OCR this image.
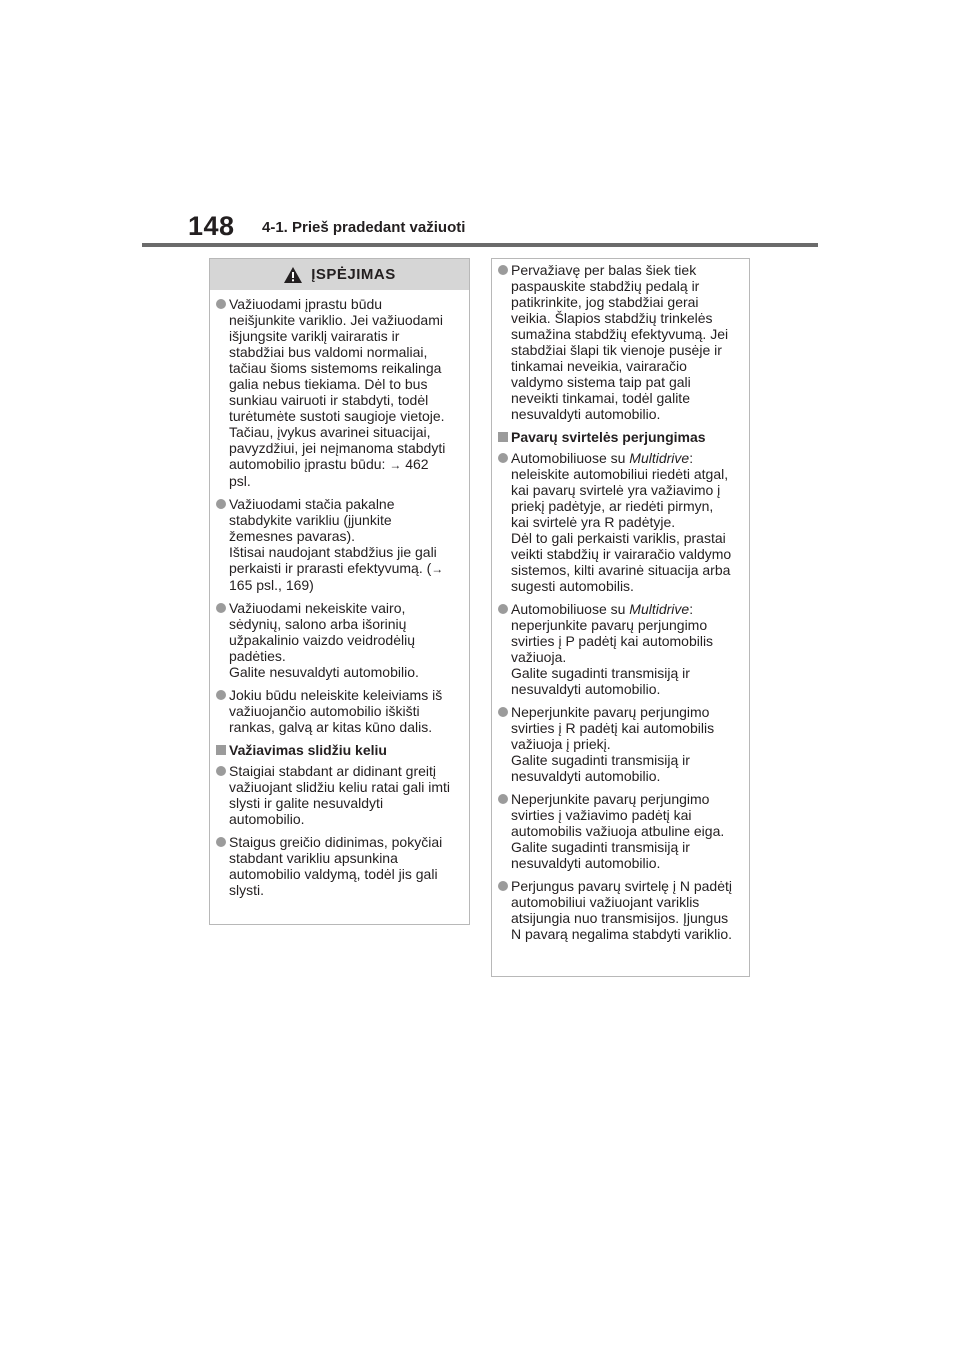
148 4-1. Prieš pradedant važiuoti
ĮSPĖJIMAS
Važiuodami įprastu būdu
neišjunkite variklio. Jei važiuodami
išjungsite variklį vairaratis ir
stabdžiai bus valdomi normaliai,
tačiau šioms sistemoms reikalinga
galia nebus tiekiama. Dėl to bus
sunkiau vairuoti ir stabdyti, todėl
turėtumėte sustoti saugioje vietoje.
Tačiau, įvykus avarinei situacijai,
pavyzdžiui, jei neįmanoma stabdyti
automobilio įprastu būdu: → 462
psl.
Važiuodami stačia pakalne
stabdykite varikliu (įjunkite
žemesnes pavaras).
Ištisai naudojant stabdžius jie gali
perkaisti ir prarasti efektyvumą. (→
165 psl., 169)
Važiuodami nekeiskite vairo,
sėdynių, salono arba išorinių
užpakalinio vaizdo veidrodėlių
padėties.
Galite nesuvaldyti automobilio.
Jokiu būdu neleiskite keleiviams iš
važiuojančio automobilio iškišti
rankas, galvą ar kitas kūno dalis.
Važiavimas slidžiu keliu
Staigiai stabdant ar didinant greitį
važiuojant slidžiu keliu ratai gali imti
slysti ir galite nesuvaldyti
automobilio.
Staigus greičio didinimas, pokyčiai
stabdant varikliu apsunkina
automobilio valdymą, todėl jis gali
slysti.
Pervažiavę per balas šiek tiek
paspauskite stabdžių pedalą ir
patikrinkite, jog stabdžiai gerai
veikia. Šlapios stabdžių trinkelės
sumažina stabdžių efektyvumą. Jei
stabdžiai šlapi tik vienoje pusėje ir
tinkamai neveikia, vairaračio
valdymo sistema taip pat gali
neveikti tinkamai, todėl galite
nesuvaldyti automobilio.
Pavarų svirtelės perjungimas
Automobiliuose su Multidrive:
neleiskite automobiliui riedėti atgal,
kai pavarų svirtelė yra važiavimo į
priekį padėtyje, ar riedėti pirmyn,
kai svirtelė yra R padėtyje.
Dėl to gali perkaisti variklis, prastai
veikti stabdžių ir vairaračio valdymo
sistemos, kilti avarinė situacija arba
sugesti automobilis.
Automobiliuose su Multidrive:
neperjunkite pavarų perjungimo
svirties į P padėtį kai automobilis
važiuoja.
Galite sugadinti transmisiją ir
nesuvaldyti automobilio.
Neperjunkite pavarų perjungimo
svirties į R padėtį kai automobilis
važiuoja į priekį.
Galite sugadinti transmisiją ir
nesuvaldyti automobilio.
Neperjunkite pavarų perjungimo
svirties į važiavimo padėtį kai
automobilis važiuoja atbuline eiga.
Galite sugadinti transmisiją ir
nesuvaldyti automobilio.
Perjungus pavarų svirtelę į N padėtį
automobiliui važiuojant variklis
atsijungia nuo transmisijos. Įjungus
N pavarą negalima stabdyti variklio.
